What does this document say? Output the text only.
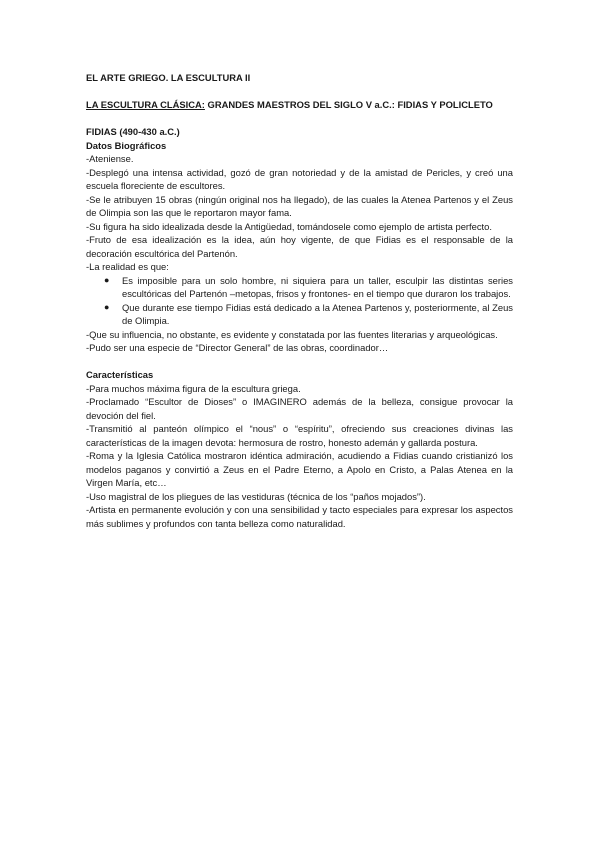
EL ARTE GRIEGO. LA ESCULTURA II
LA ESCULTURA CLÁSICA: GRANDES MAESTROS DEL SIGLO V a.C.: FIDIAS Y POLICLETO
FIDIAS (490-430 a.C.)
Datos Biográficos

-Ateniense.

-Desplegó una intensa actividad, gozó de gran notoriedad y de la amistad de Pericles, y creó una escuela floreciente de escultores.

-Se le atribuyen 15 obras (ningún original nos ha llegado), de las cuales la Atenea Partenos y el Zeus de Olimpia son las que le reportaron mayor fama.

-Su figura ha sido idealizada desde la Antigüedad, tomándosele como ejemplo de artista perfecto.

-Fruto de esa idealización es la idea, aún hoy vigente, de que Fidias es el responsable de la decoración escultórica del Partenón.

-La realidad es que:

● Es imposible para un solo hombre, ni siquiera para un taller, esculpir las distintas series escultóricas del Partenón –metopas, frisos y frontones- en el tiempo que duraron los trabajos.
● Que durante ese tiempo Fidias está dedicado a la Atenea Partenos y, posteriormente, al Zeus de Olimpia.

-Que su influencia, no obstante, es evidente y constatada por las fuentes literarias y arqueológicas.

-Pudo ser una especie de “Director General” de las obras, coordinador…

Características

-Para muchos máxima figura de la escultura griega.

-Proclamado “Escultor de Dioses” o IMAGINERO además de la belleza, consigue provocar la devoción del fiel.

-Transmitió al panteón olímpico el “nous” o “espíritu”, ofreciendo sus creaciones divinas las características de la imagen devota: hermosura de rostro, honesto ademán y gallarda postura.

-Roma y la Iglesia Católica mostraron idéntica admiración, acudiendo a Fidias cuando cristianizó los modelos paganos y convirtió a Zeus en el Padre Eterno, a Apolo en Cristo, a Palas Atenea en la Virgen María, etc…

-Uso magistral de los pliegues de las vestiduras (técnica de los “paños mojados”).

-Artista en permanente evolución y con una sensibilidad y tacto especiales para expresar los aspectos más sublimes y profundos con tanta belleza como naturalidad.
